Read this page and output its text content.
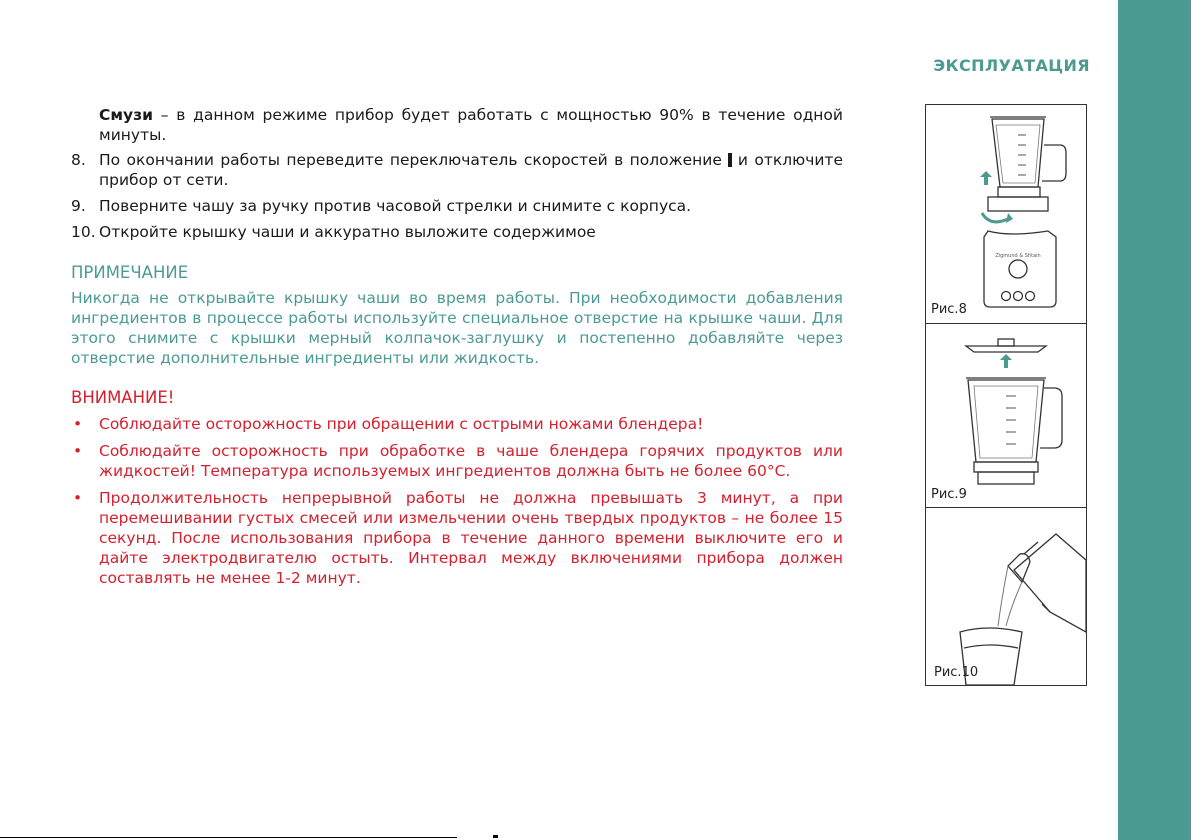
ЭКСПЛУАТАЦИЯ

Смузи – в данном режиме прибор будет работать с мощностью 90% в течение одной минуты.

8. По окончании работы переведите переключатель скоростей в положение и отключите прибор от сети.
9. Поверните чашу за ручку против часовой стрелки и снимите с корпуса.
10. Откройте крышку чаши и аккуратно выложите содержимое
ПРИМЕЧАНИЕ

Никогда не открывайте крышку чаши во время работы. При необходимости добавления ингредиентов в процессе работы используйте специальное отверстие на крышке чаши. Для этого снимите с крышки мерный колпачок-заглушку и постепенно добавляйте через отверстие дополнительные ингредиенты или жидкость.

ВНИМАНИЕ!
• Соблюдайте осторожность при обращении с острыми ножами блендера!
• Соблюдайте осторожность при обработке в чаше блендера горячих продуктов или жидкостей! Температура используемых ингредиентов должна быть не более 60°C.
• Продолжительность непрерывной работы не должна превышать 3 минут, а при перемешивании густых смесей или измельчении очень твердых продуктов – не более 15 секунд. После использования прибора в течение данного времени выключите его и дайте электродвигателю остыть. Интервал между включениями прибора должен составлять не менее 1-2 минут.
Zigmund & Shtain
Рис.8
Рис.9
Рис.10
